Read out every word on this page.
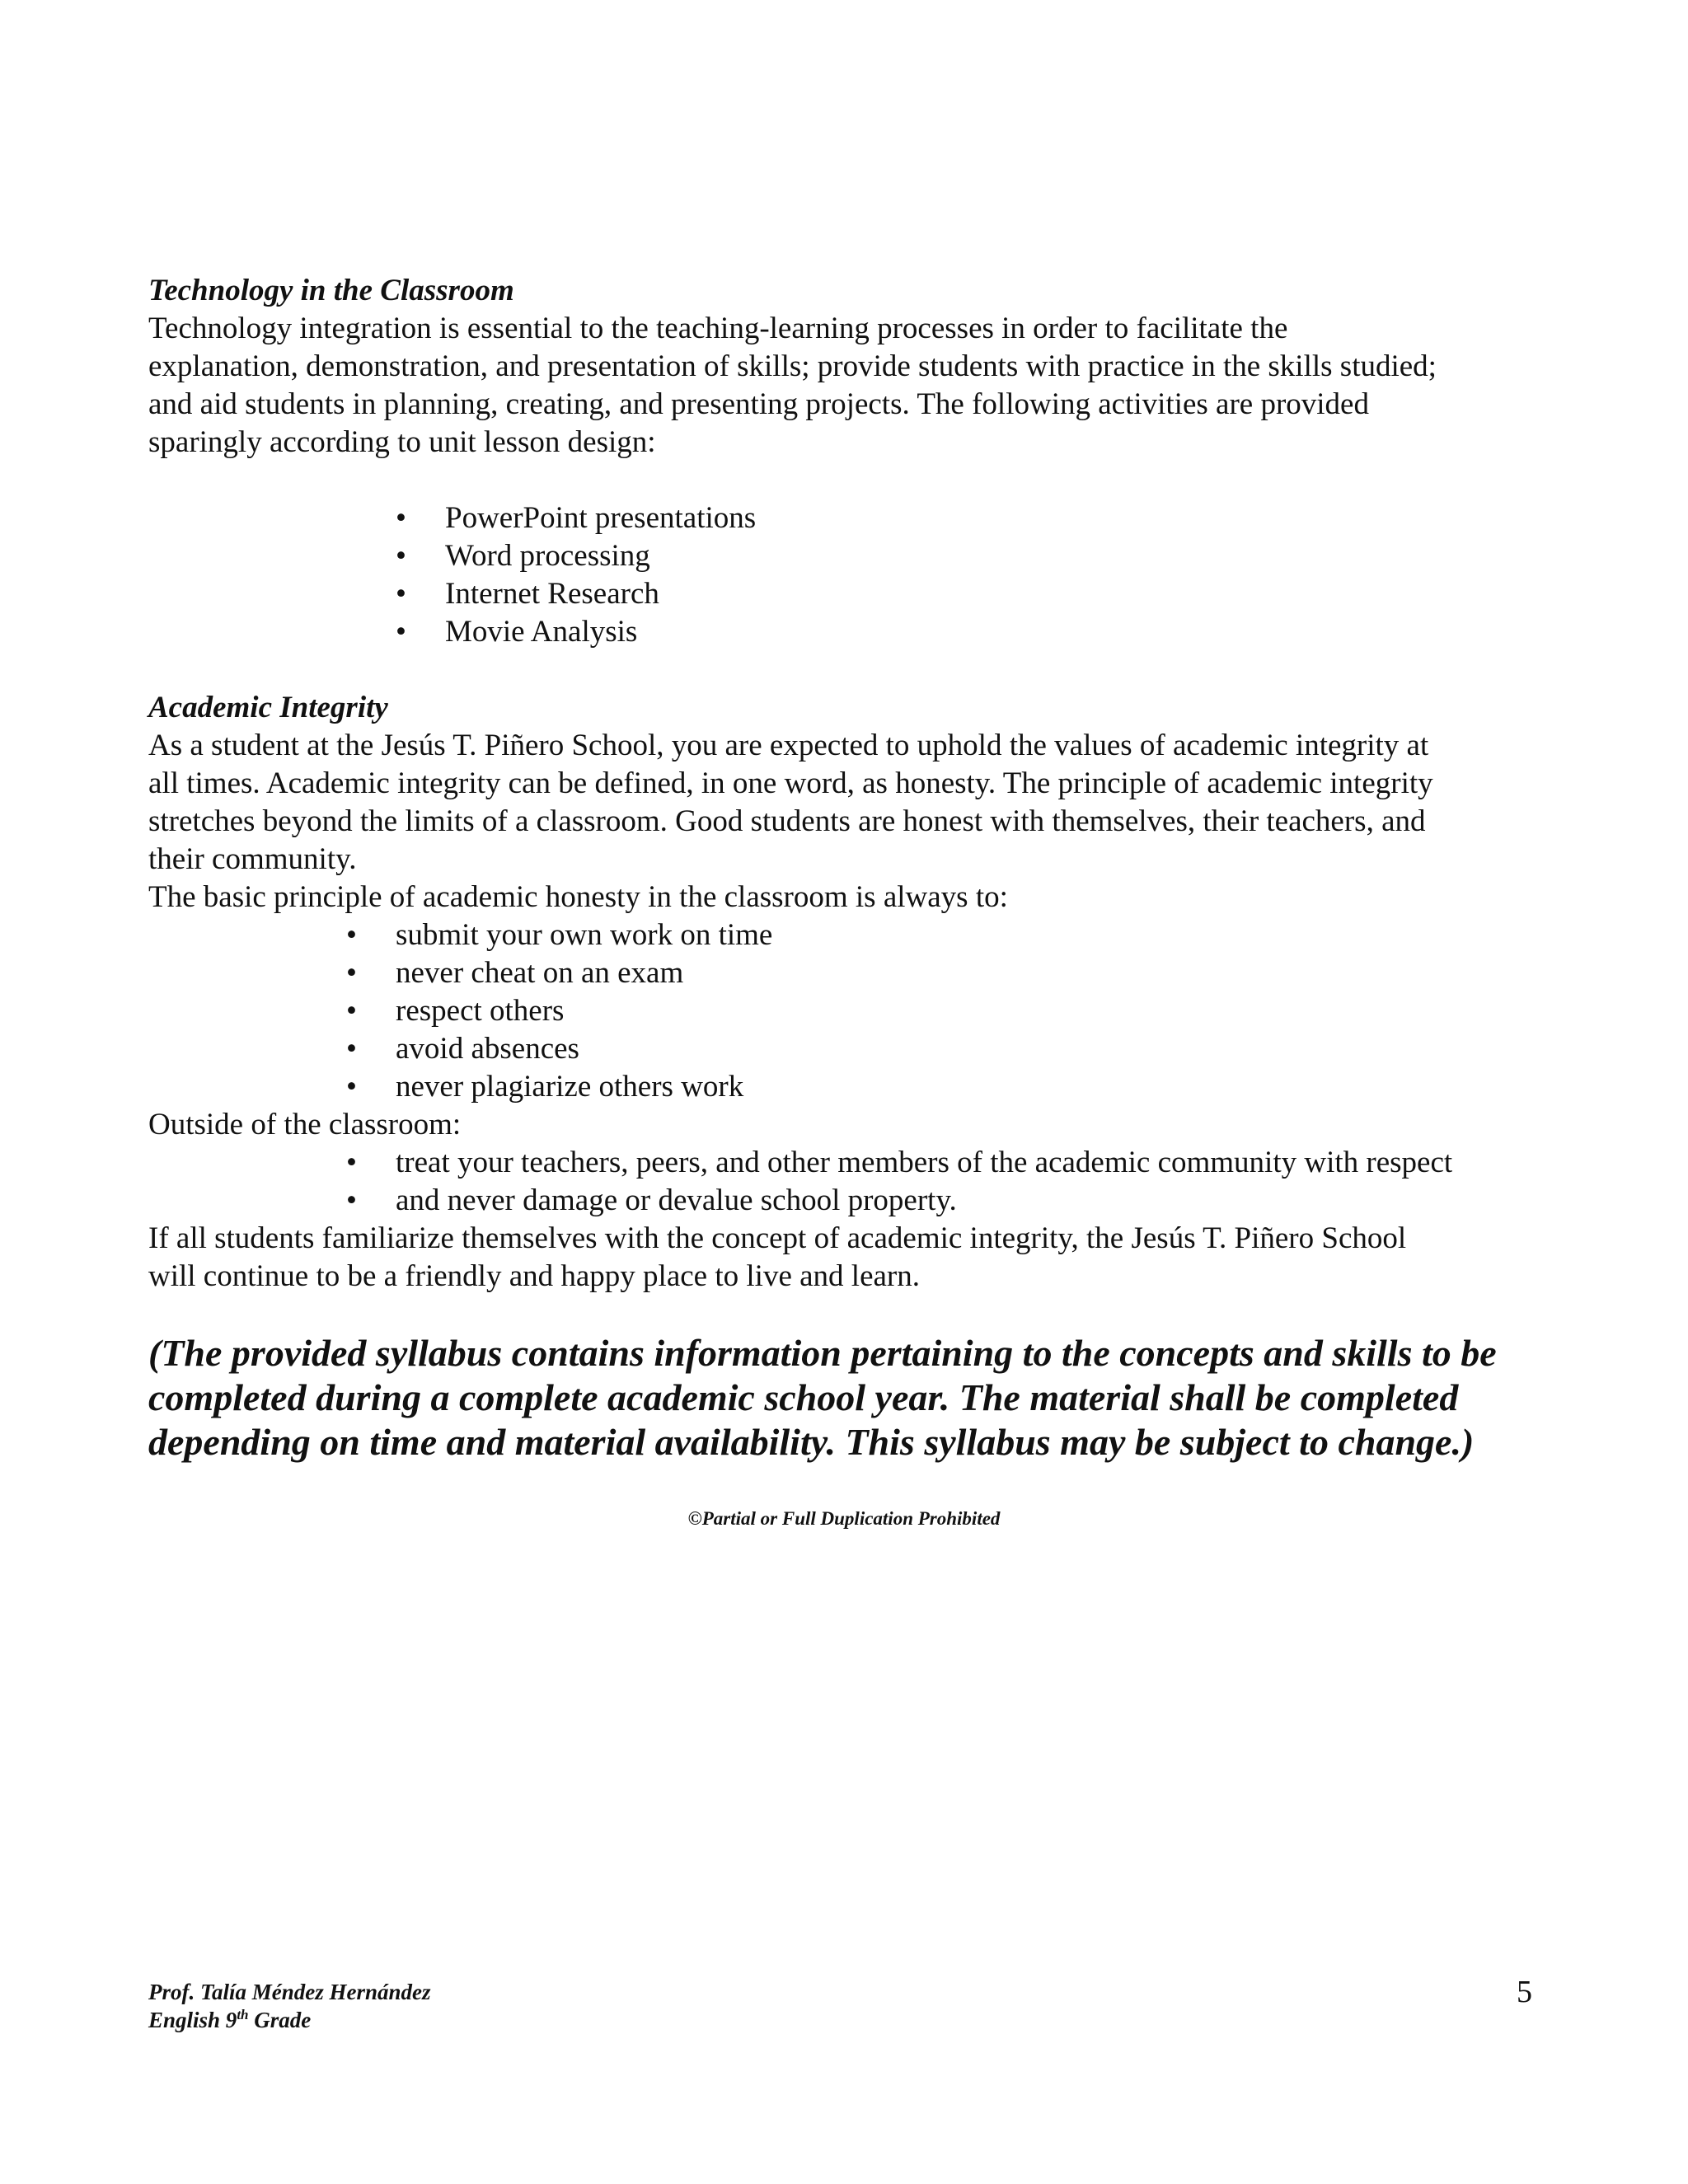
Technology in the Classroom

Technology integration is essential to the teaching-learning processes in order to facilitate the
explanation, demonstration, and presentation of skills; provide students with practice in the skills studied;
and aid students in planning, creating, and presenting projects. The following activities are provided
sparingly according to unit lesson design:

•	PowerPoint presentations
•	Word processing
•	Internet Research
•	Movie Analysis

Academic Integrity

As a student at the Jesús T. Piñero School, you are expected to uphold the values of academic integrity at
all times. Academic integrity can be defined, in one word, as honesty. The principle of academic integrity
stretches beyond the limits of a classroom. Good students are honest with themselves, their teachers, and
their community.

The basic principle of academic honesty in the classroom is always to:

•	submit your own work on time
•	never cheat on an exam
•	respect others
•	avoid absences
•	never plagiarize others work

Outside of the classroom:

•	treat your teachers, peers, and other members of the academic community with respect
•	and never damage or devalue school property.

If all students familiarize themselves with the concept of academic integrity, the Jesús T. Piñero School
will continue to be a friendly and happy place to live and learn.

(The provided syllabus contains information pertaining to the concepts and skills to be
completed during a complete academic school year. The material shall be completed
depending on time and material availability. This syllabus may be subject to change.)
©Partial or Full Duplication Prohibited
Prof. Talía Méndez Hernández
English 9th Grade
5
